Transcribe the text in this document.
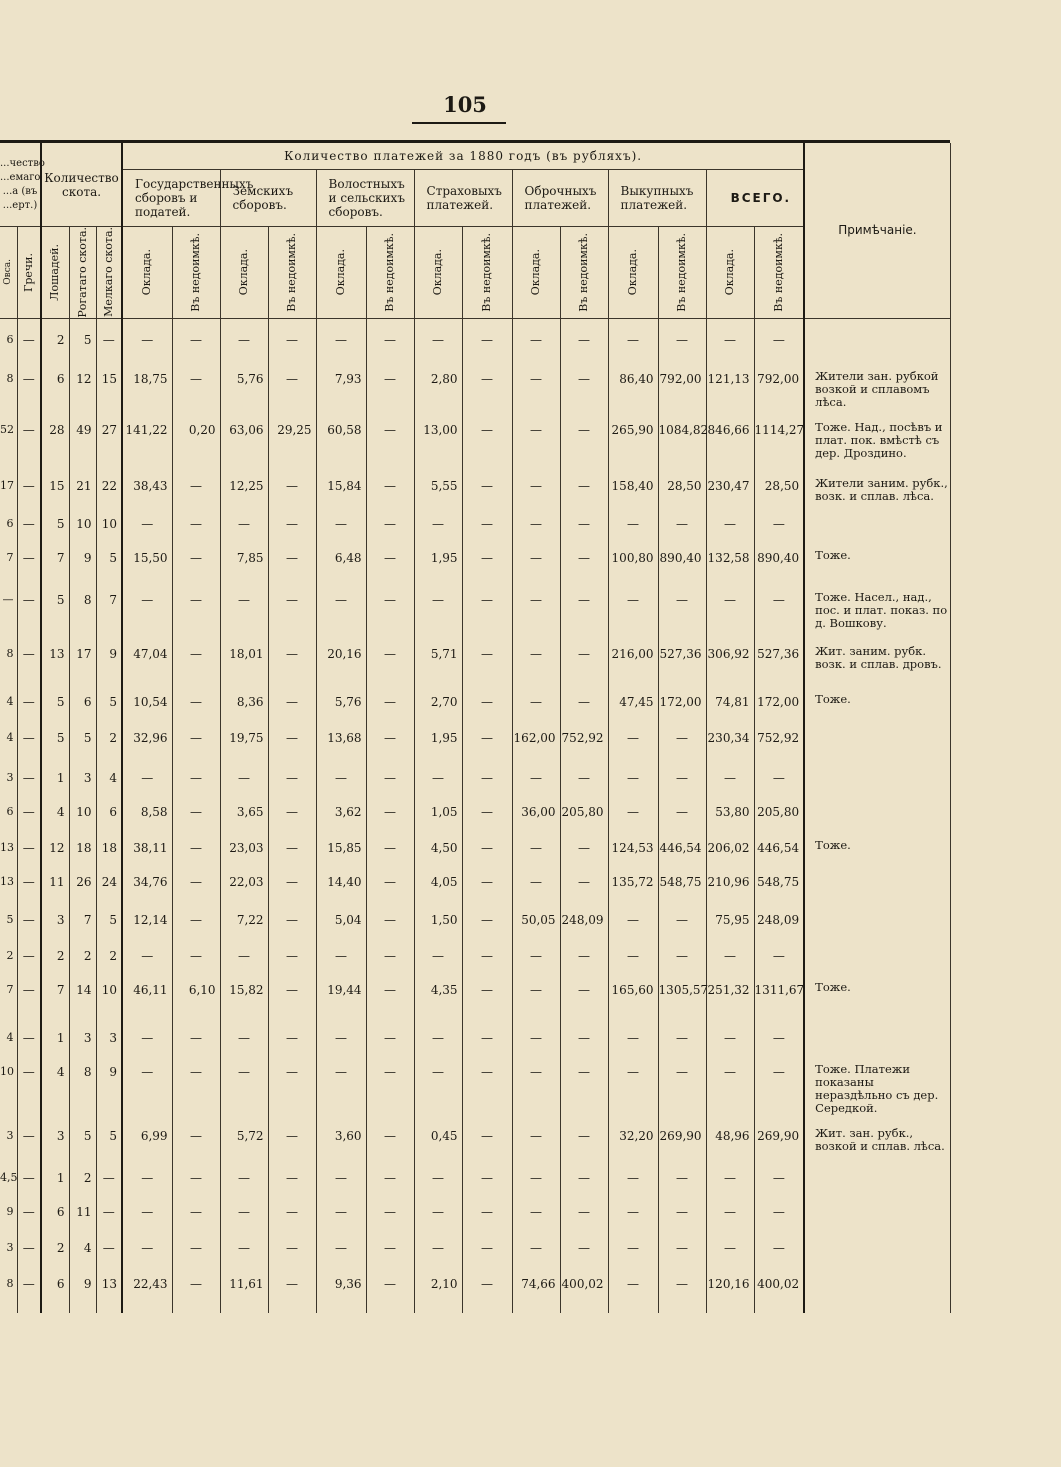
105
...чество ...емаго ...а (въ ...ерт.)		Количество скота.			Количество платежей за 1880 годъ (въ рубляхъ).														Примѣчаніе.
					Государственныхъ сборовъ и податей.		Земскихъ сборовъ.		Волостныхъ и сельскихъ сборовъ.		Страховыхъ платежей.		Оброчныхъ платежей.		Выкупныхъ платежей.		ВСЕГО.		

Овса.	Гречи.	Лошадей.	Рогатаго скота.	Мелкаго скота.	Оклада.	Въ недоимкѣ.	Оклада.	Въ недоимкѣ.	Оклада.	Въ недоимкѣ.	Оклада.	Въ недоимкѣ.	Оклада.	Въ недоимкѣ.	Оклада.	Въ недоимкѣ.	Оклада.	Въ недоимкѣ.	

6	—	2	5	—	—	—	—	—	—	—	—	—	—	—	—	—	—	—	
8	—	6	12	15	18,75	—	5,76	—	7,93	—	2,80	—	—	—	86,40	792,00	121,13	792,00	Жители зан. рубкой возкой и сплавомъ лѣса.
52	—	28	49	27	141,22	0,20	63,06	29,25	60,58	—	13,00	—	—	—	265,90	1084,82	846,66	1114,27	Тоже. Над., посѣвъ и плат. пок. вмѣстѣ съ дер. Дроздино.
17	—	15	21	22	38,43	—	12,25	—	15,84	—	5,55	—	—	—	158,40	28,50	230,47	28,50	Жители заним. рубк., возк. и сплав. лѣса.
6	—	5	10	10	—	—	—	—	—	—	—	—	—	—	—	—	—	—	
7	—	7	9	5	15,50	—	7,85	—	6,48	—	1,95	—	—	—	100,80	890,40	132,58	890,40	Тоже.
—	—	5	8	7	—	—	—	—	—	—	—	—	—	—	—	—	—	—	Тоже. Насел., над., пос. и плат. показ. по д. Вошкову.
8	—	13	17	9	47,04	—	18,01	—	20,16	—	5,71	—	—	—	216,00	527,36	306,92	527,36	Жит. заним. рубк. возк. и сплав. дровъ.
4	—	5	6	5	10,54	—	8,36	—	5,76	—	2,70	—	—	—	47,45	172,00	74,81	172,00	Тоже.
4	—	5	5	2	32,96	—	19,75	—	13,68	—	1,95	—	162,00	752,92	—	—	230,34	752,92	
3	—	1	3	4	—	—	—	—	—	—	—	—	—	—	—	—	—	—	
6	—	4	10	6	8,58	—	3,65	—	3,62	—	1,05	—	36,00	205,80	—	—	53,80	205,80	
13	—	12	18	18	38,11	—	23,03	—	15,85	—	4,50	—	—	—	124,53	446,54	206,02	446,54	Тоже.
13	—	11	26	24	34,76	—	22,03	—	14,40	—	4,05	—	—	—	135,72	548,75	210,96	548,75	
5	—	3	7	5	12,14	—	7,22	—	5,04	—	1,50	—	50,05	248,09	—	—	75,95	248,09	
2	—	2	2	2	—	—	—	—	—	—	—	—	—	—	—	—	—	—	
7	—	7	14	10	46,11	6,10	15,82	—	19,44	—	4,35	—	—	—	165,60	1305,57	251,32	1311,67	Тоже.
4	—	1	3	3	—	—	—	—	—	—	—	—	—	—	—	—	—	—	
10	—	4	8	9	—	—	—	—	—	—	—	—	—	—	—	—	—	—	Тоже. Платежи показаны нераздѣльно съ дер. Середкой.
3	—	3	5	5	6,99	—	5,72	—	3,60	—	0,45	—	—	—	32,20	269,90	48,96	269,90	Жит. зан. рубк., возкой и сплав. лѣса.
4,5	—	1	2	—	—	—	—	—	—	—	—	—	—	—	—	—	—	—	
9	—	6	11	—	—	—	—	—	—	—	—	—	—	—	—	—	—	—	
3	—	2	4	—	—	—	—	—	—	—	—	—	—	—	—	—	—	—	
8	—	6	9	13	22,43	—	11,61	—	9,36	—	2,10	—	74,66	400,02	—	—	120,16	400,02	
